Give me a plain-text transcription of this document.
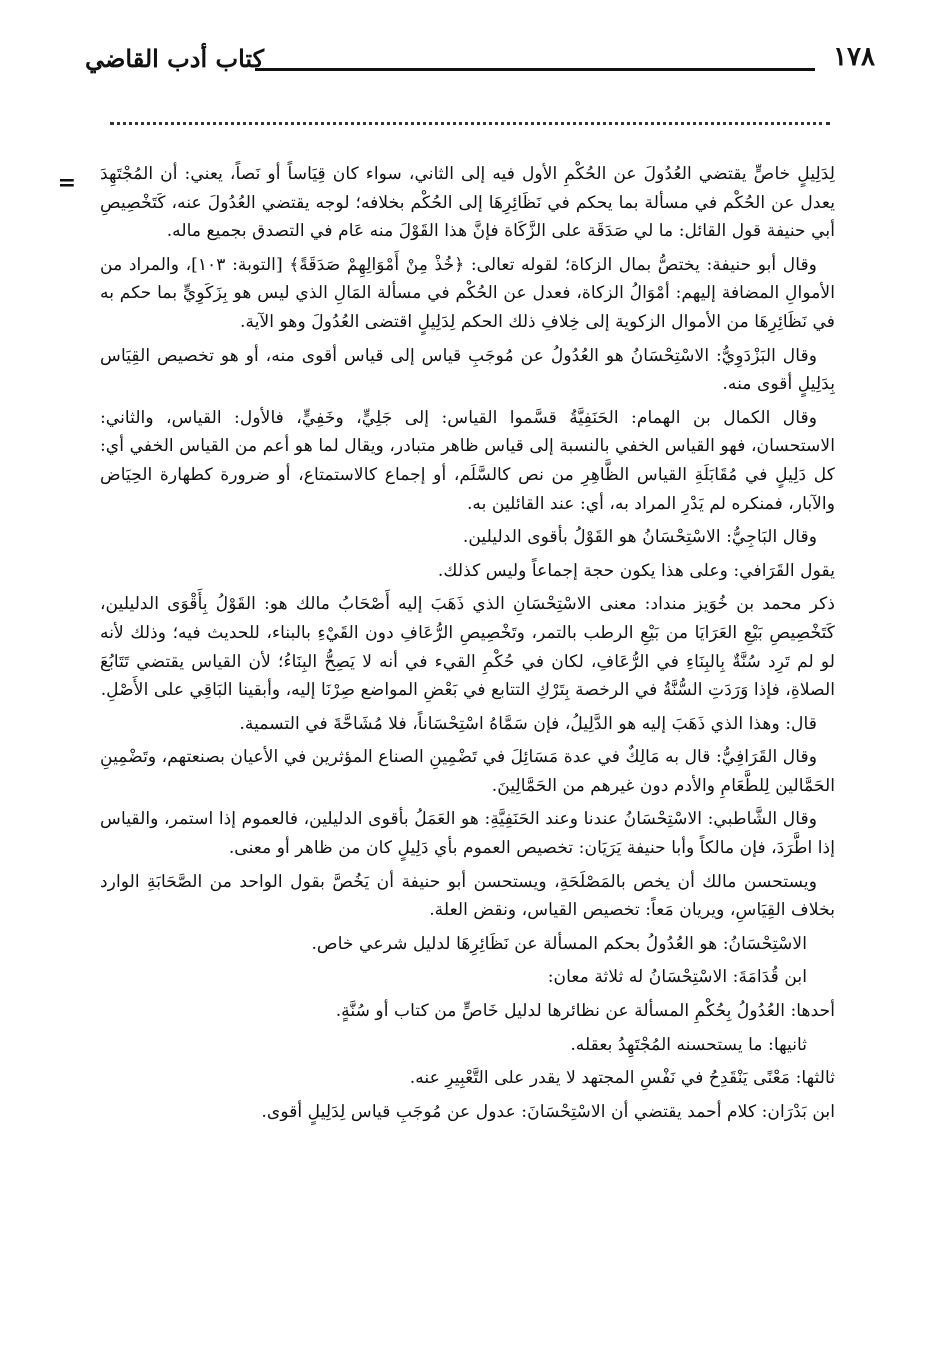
١٧٨
كتاب أدب القاضي
= لِدَلِيلٍ خاصٍّ يقتضي العُدُولَ عن الحُكْمِ الأول فيه إلى الثاني، سواء كان قِيَاساً أو نَصاً، يعني: أن المُجْتَهِدَ يعدل عن الحُكْم في مسألة بما يحكم في نَظَائِرِهَا إلى الحُكْم بخلافه؛ لوجه يقتضي العُدُولَ عنه، كَتَخْصِيصِ أبي حنيفة قول القائل: ما لي صَدَقَة على الزَّكَاة فإنَّ هذا القَوْلَ منه عَام في التصدق بجميع ماله.

وقال أبو حنيفة: يختصُّ بمال الزكاة؛ لقوله تعالى: ﴿خُذْ مِنْ أَمْوَالِهِمْ صَدَقَةً﴾ [التوبة: ١٠٣]، والمراد من الأموالِ المضافة إليهم: أمْوَالُ الزكاة، فعدل عن الحُكْم في مسألة المَالِ الذي ليس هو بِزَكَوِيٍّ بما حكم به في نَظَائِرِهَا من الأموال الزكوية إلى خِلافِ ذلك الحكم لِدَلِيلٍ اقتضى العُدُولَ وهو الآية.

وقال البَزْدَوِيُّ: الاسْتِحْسَانُ هو العُدُولُ عن مُوجَبِ قياس إلى قياس أقوى منه، أو هو تخصيص القِيَاس بِدَلِيلٍ أقوى منه.

وقال الكمال بن الهمام: الحَنَفِيَّةُ قسَّموا القياس: إلى جَلِيٍّ، وخَفِيٍّ، فالأول: القياس، والثاني: الاستحسان، فهو القياس الخفي بالنسبة إلى قياس ظاهر متبادر، ويقال لما هو أعم من القياس الخفي أي: كل دَلِيلٍ في مُقَابَلَةِ القياس الظَّاهِرِ من نص كالسَّلَم، أو إجماع كالاستمتاع، أو ضرورة كطهارة الحِيَاض والآبار، فمنكره لم يَدْرِ المراد به، أي: عند القائلين به.

وقال البَاجِيُّ: الاسْتِحْسَانُ هو القَوْلُ بأقوى الدليلين.

يقول القَرَافي: وعلى هذا يكون حجة إجماعاً وليس كذلك.

ذكر محمد بن خُوَيز منداد: معنى الاسْتِحْسَانِ الذي ذَهَبَ إليه أَصْحَابُ مالك هو: القَوْلُ بِأَقْوَى الدليلين، كَتَخْصِيصِ بَيْعِ العَرَايَا من بَيْعِ الرطب بالتمر، وتَخْصِيصِ الرُّعَافِ دون القَيْءِ بالبناء، للحديث فيه؛ وذلك لأنه لو لم تَرِد سُنَّةٌ بِالبِنَاءِ في الرُّعَافِ، لكان في حُكْمِ القيء في أنه لا يَصِحُّ البِنَاءُ؛ لأن القياس يقتضي تَتَابُعَ الصلاةِ، فإذا وَرَدَتِ السُّنَّةُ في الرخصة بِتَرْكِ التتابع في بَعْضِ المواضع صِرْنَا إليه، وأبقينا البَاقِي على الأَصْلِ.

قال: وهذا الذي ذَهَبَ إليه هو الدَّلِيلُ، فإن سَمَّاهُ اسْتِحْسَاناً، فلا مُشَاحَّةَ في التسمية.

وقال القَرَافِيُّ: قال به مَالِكٌ في عدة مَسَائِلَ في تَضْمِينِ الصناع المؤثرين في الأعيان بصنعتهم، وتَضْمِينِ الحَمَّالين لِلطَّعَامِ والأدم دون غيرهم من الحَمَّالِينَ.

وقال الشَّاطبي: الاسْتِحْسَانُ عندنا وعند الحَنَفِيَّةِ: هو العَمَلُ بأقوى الدليلين، فالعموم إذا استمر، والقياس إذا اطَّرَدَ، فإن مالكاً وأبا حنيفة يَرَيَان: تخصيص العموم بأي دَلِيلٍ كان من ظاهر أو معنى.

ويستحسن مالك أن يخص بالمَصْلَحَةِ، ويستحسن أبو حنيفة أن يَخُصَّ بقول الواحد من الصَّحَابَةِ الوارد بخلاف القِيَاسِ، ويريان مَعاً: تخصيص القياس، ونقض العلة.

الاسْتِحْسَانُ: هو العُدُولُ بحكم المسألة عن نَظَائِرِهَا لدليل شرعي خاص.

ابن قُدَامَةَ: الاسْتِحْسَانُ له ثلاثة معان:

أحدها: العُدُولُ بِحُكْمِ المسألة عن نظائرها لدليل خَاصٍّ من كتاب أو سُنَّةٍ.

ثانيها: ما يستحسنه المُجْتَهِدُ بعقله.

ثالثها: مَعْنًى يَنْقَدِحُ في نَفْسِ المجتهد لا يقدر على التَّعْبِيرِ عنه.

ابن بَدْرَان: كلام أحمد يقتضي أن الاسْتِحْسَانَ: عدول عن مُوجَبِ قياس لِدَلِيلٍ أقوى.
